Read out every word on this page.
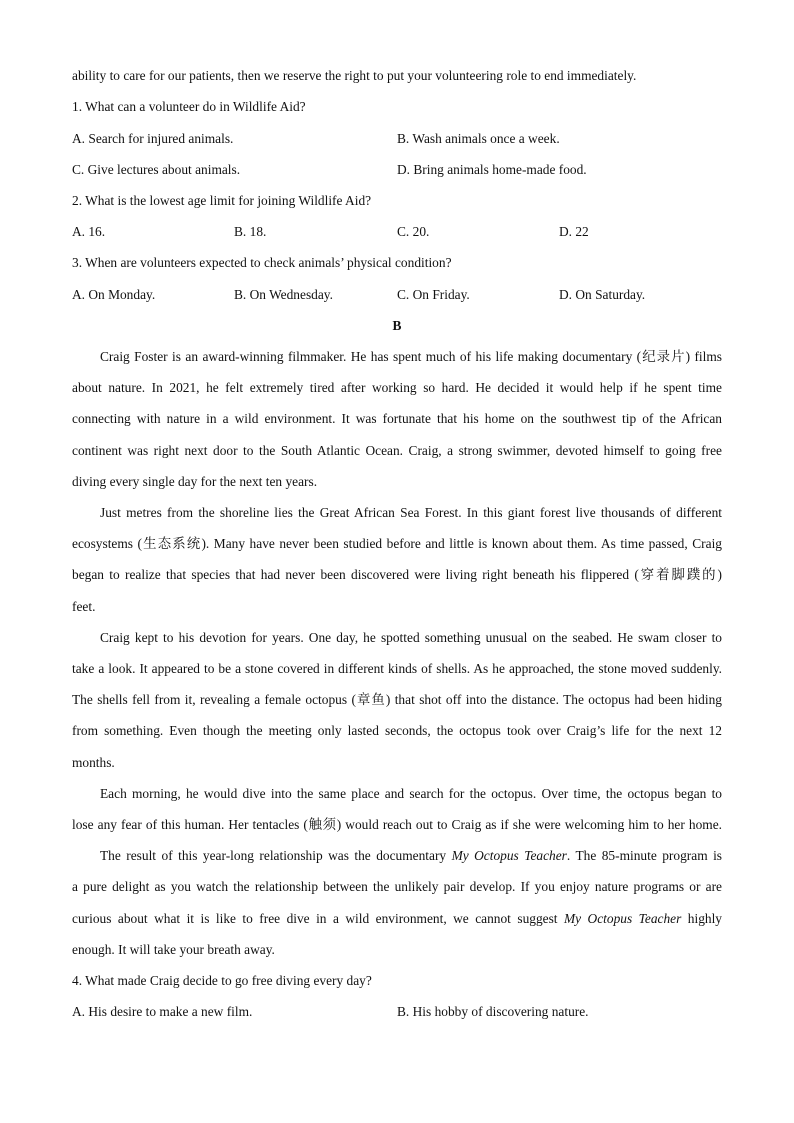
ability to care for our patients, then we reserve the right to put your volunteering role to end immediately.
1. What can a volunteer do in Wildlife Aid?
A. Search for injured animals.	B. Wash animals once a week.
C. Give lectures about animals.	D. Bring animals home-made food.
2. What is the lowest age limit for joining Wildlife Aid?
A. 16.	B. 18.	C. 20.	D. 22
3. When are volunteers expected to check animals’ physical condition?
A. On Monday.	B. On Wednesday.	C. On Friday.	D. On Saturday.
B
Craig Foster is an award-winning filmmaker. He has spent much of his life making documentary (纪录片) films
about nature. In 2021, he felt extremely tired after working so hard. He decided it would help if he spent time
connecting with nature in a wild environment. It was fortunate that his home on the southwest tip of the African
continent was right next door to the South Atlantic Ocean. Craig, a strong swimmer, devoted himself to going free
diving every single day for the next ten years.
Just metres from the shoreline lies the Great African Sea Forest. In this giant forest live thousands of different
ecosystems (生态系统). Many have never been studied before and little is known about them. As time passed, Craig
began to realize that species that had never been discovered were living right beneath his flippered (穿着脚蹼的)
feet.
Craig kept to his devotion for years. One day, he spotted something unusual on the seabed. He swam closer to
take a look. It appeared to be a stone covered in different kinds of shells. As he approached, the stone moved suddenly.
The shells fell from it, revealing a female octopus (章鱼) that shot off into the distance. The octopus had been hiding
from something. Even though the meeting only lasted seconds, the octopus took over Craig’s life for the next 12
months.
Each morning, he would dive into the same place and search for the octopus. Over time, the octopus began to
lose any fear of this human. Her tentacles (触须) would reach out to Craig as if she were welcoming him to her home.
The result of this year-long relationship was the documentary My Octopus Teacher. The 85-minute program is
a pure delight as you watch the relationship between the unlikely pair develop. If you enjoy nature programs or are
curious about what it is like to free dive in a wild environment, we cannot suggest My Octopus Teacher highly
enough. It will take your breath away.
4. What made Craig decide to go free diving every day?
A. His desire to make a new film.	B. His hobby of discovering nature.
